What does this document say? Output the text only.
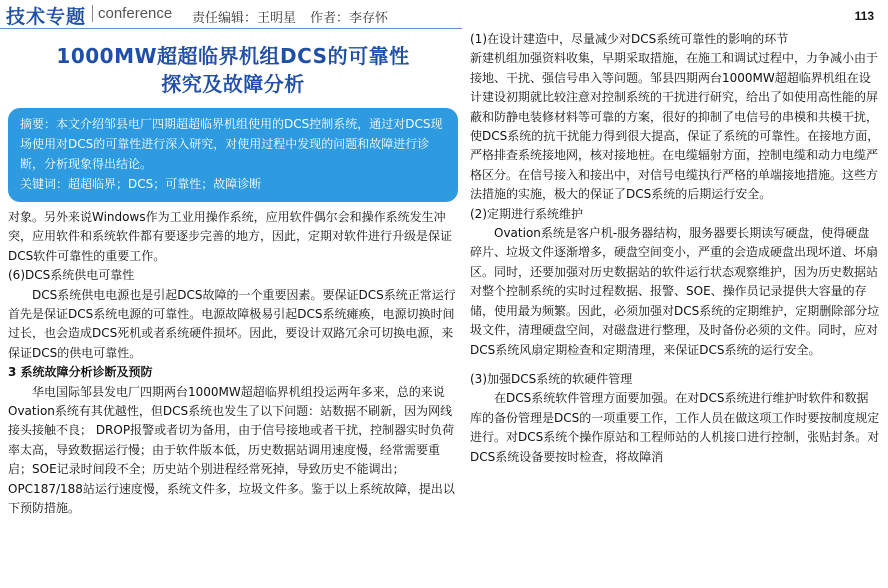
技术专题 conference 责任编辑：王明星 作者：李存怀	113
1000MW超超临界机组DCS的可靠性
探究及故障分析

摘要：本文介绍邹县电厂四期超超临界机组使用的DCS控制系统，通过对DCS现场使用对DCS的可靠性进行深入研究，对使用过程中发现的问题和故障进行诊断，分析现象得出结论。

关键词：超超临界；DCS；可靠性；故障诊断

对象。另外来说Windows作为工业用操作系统，应用软件偶尔会和操作系统发生冲突，应用软件和系统软件都有要逐步完善的地方，因此，定期对软件进行升级是保证DCS软件可靠性的重要工作。

(6)DCS系统供电可靠性

DCS系统供电电源也是引起DCS故障的一个重要因素。要保证DCS系统正常运行首先是保证DCS系统电源的可靠性。电源故障极易引起DCS系统瘫痪，电源切换时间过长，也会造成DCS死机或者系统硬件损坏。因此，要设计双路冗余可切换电源，来保证DCS的供电可靠性。

3 系统故障分析诊断及预防

华电国际邹县发电厂四期两台1000MW超超临界机组投运两年多来，总的来说Ovation系统有其优越性，但DCS系统也发生了以下问题：站数据不刷新，因为网线接头接触不良； DROP报警或者切为备用，由于信号接地或者干扰，控制器实时负荷率太高，导致数据运行慢；由于软件版本低，历史数据站调用速度慢，经常需要重启；SOE记录时间段不全；历史站个别进程经常死掉，导致历史不能调出；OPC187/188站运行速度慢，系统文件多，垃圾文件多。鉴于以上系统故障，提出以下预防措施。

(1)在设计建造中，尽量减少对DCS系统可靠性的影响的环节

新建机组加强资料收集，早期采取措施，在施工和调试过程中，力争减小由于接地、干扰、强信号串入等问题。邹县四期两台1000MW超超临界机组在设计建设初期就比较注意对控制系统的干扰进行研究，给出了如使用高性能的屏蔽和防静电装修材料等可靠的方案，很好的抑制了电信号的串模和共模干扰，使DCS系统的抗干扰能力得到很大提高，保证了系统的可靠性。在接地方面，严格排查系统接地网，核对接地桩。在电缆辐射方面，控制电缆和动力电缆严格区分。在信号接入和接出中，对信号电缆执行严格的单端接地措施。这些方法措施的实施，极大的保证了DCS系统的后期运行安全。

(2)定期进行系统维护

Ovation系统是客户机-服务器结构，服务器要长期读写硬盘，使得硬盘碎片、垃圾文件逐渐增多，硬盘空间变小，严重的会造成硬盘出现坏道、坏扇区。同时，还要加强对历史数据站的软件运行状态观察维护，因为历史数据站对整个控制系统的实时过程数据、报警、SOE、操作员记录提供大容量的存储，使用最为频繁。因此，必须加强对DCS系统的定期维护，定期删除部分垃圾文件，清理硬盘空间，对磁盘进行整理，及时备份必须的文件。同时，应对DCS系统风扇定期检查和定期清理，来保证DCS系统的运行安全。

(3)加强DCS系统的软硬件管理

在DCS系统软件管理方面要加强。在对DCS系统进行维护时软件和数据库的备份管理是DCS的一项重要工作，工作人员在做这项工作时要按制度规定进行。对DCS系统个操作原站和工程师站的人机接口进行控制，张贴封条。对DCS系统设备要按时检查，将故障消
